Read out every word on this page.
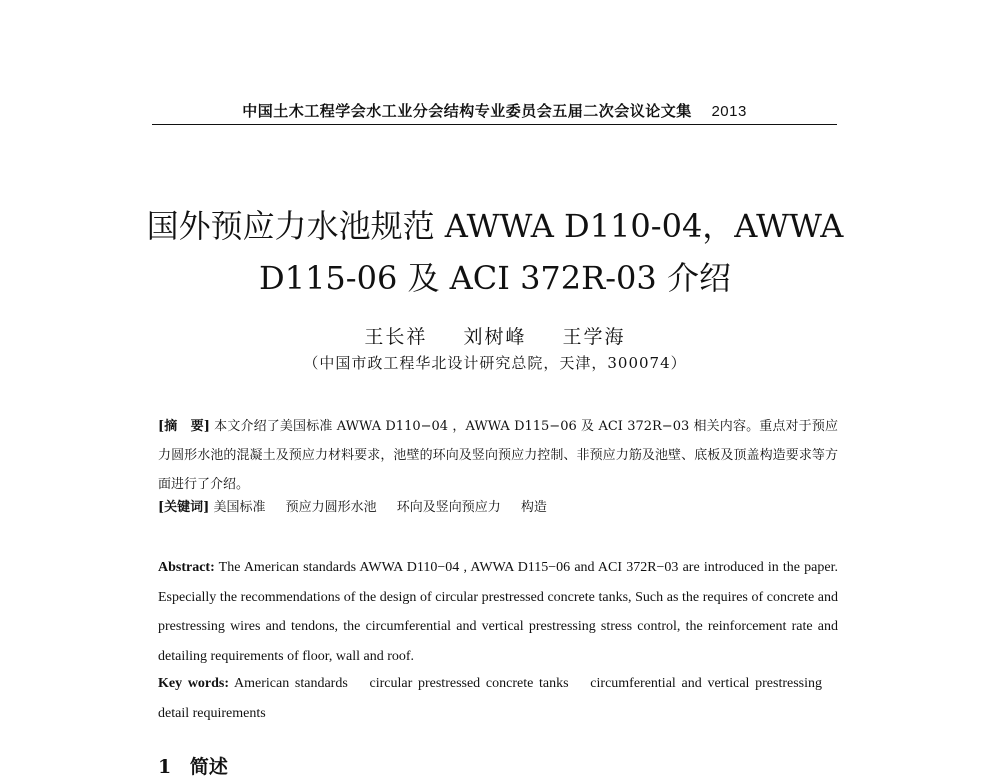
中国土木工程学会水工业分会结构专业委员会五届二次会议论文集 2013
国外预应力水池规范 AWWA D110-04，AWWA
D115-06 及 ACI 372R-03 介绍
王长祥 刘树峰 王学海
（中国市政工程华北设计研究总院，天津，300074）
[摘　要] 本文介绍了美国标准 AWWA D110−04 ，AWWA D115−06 及 ACI 372R−03 相关内容。重点对于预应力圆形水池的混凝土及预应力材料要求，池壁的环向及竖向预应力控制、非预应力筋及池壁、底板及顶盖构造要求等方面进行了介绍。
[关键词] 美国标准 预应力圆形水池 环向及竖向预应力 构造
Abstract: The American standards AWWA D110−04 , AWWA D115−06 and ACI 372R−03 are introduced in the paper. Especially the recommendations of the design of circular prestressed concrete tanks, Such as the requires of concrete and prestressing wires and tendons, the circumferential and vertical prestressing stress control, the reinforcement rate and detailing requirements of floor, wall and roof.
Key words: American standards circular prestressed concrete tanks circumferential and vertical prestressing detail requirements
1 简述
